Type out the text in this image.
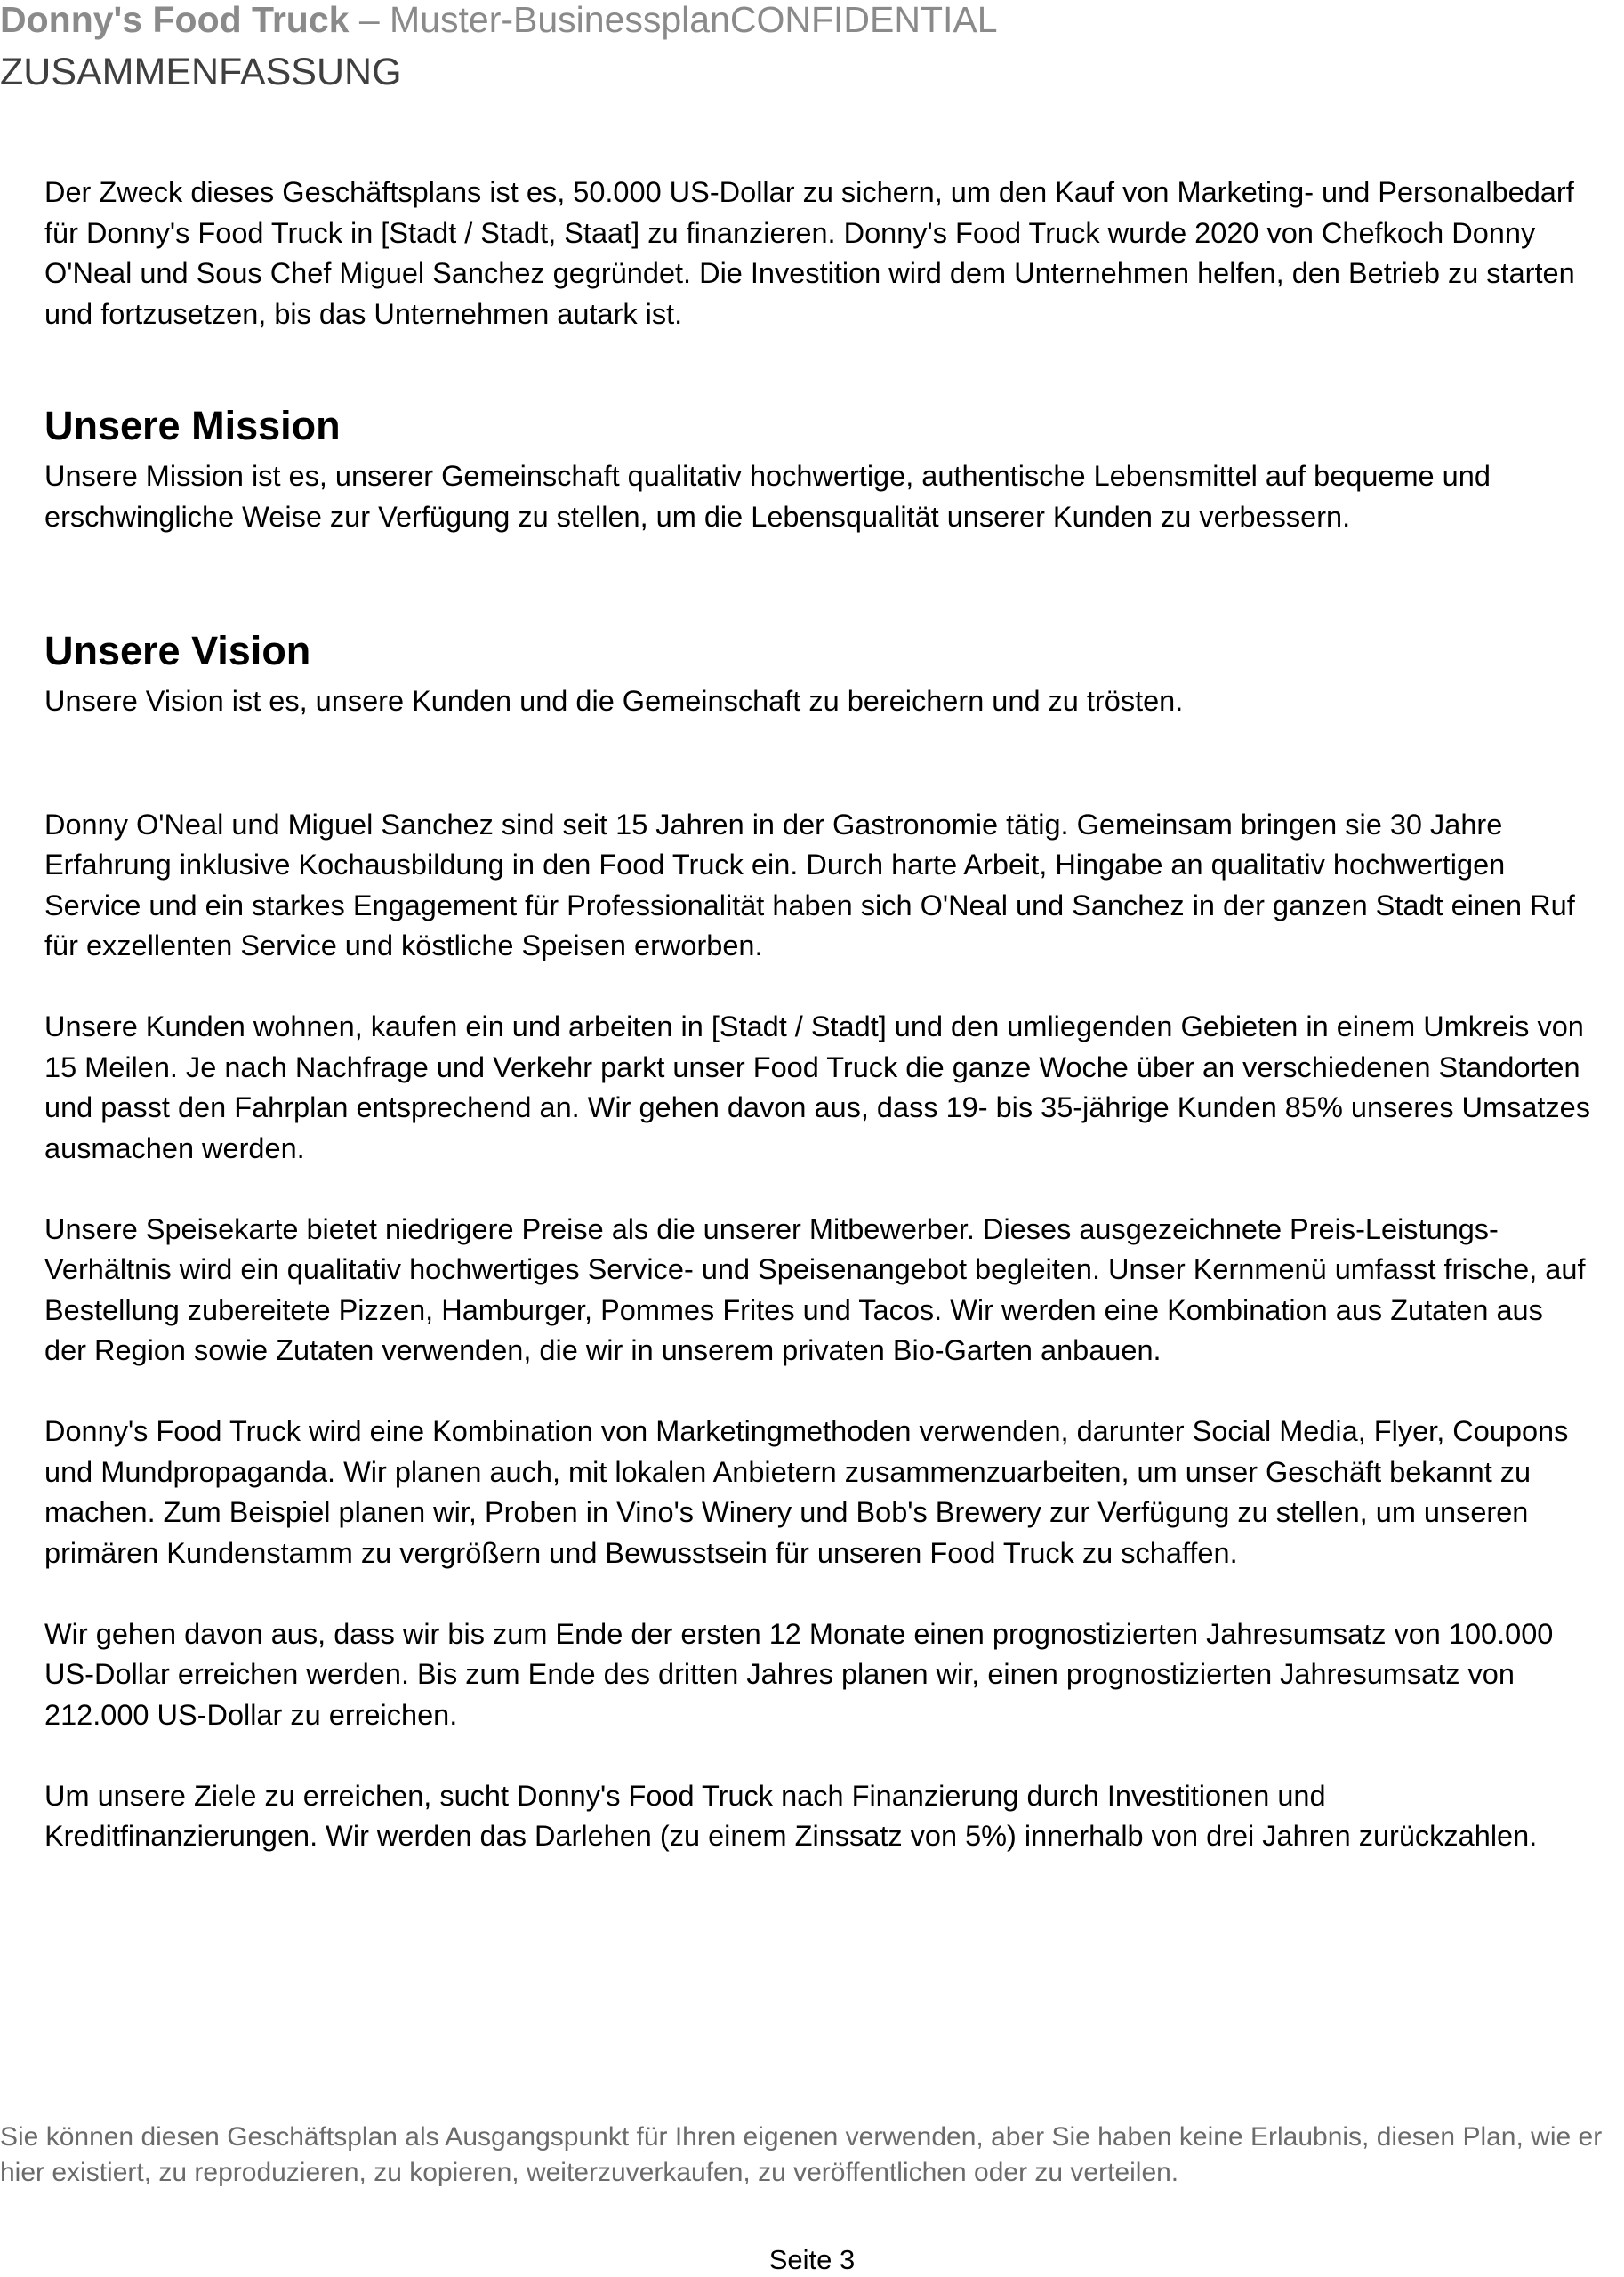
Donny's Food Truck – Muster-BusinessplanCONFIDENTIAL
ZUSAMMENFASSUNG

Der Zweck dieses Geschäftsplans ist es, 50.000 US-Dollar zu sichern, um den Kauf von Marketing- und Personalbedarf für Donny's Food Truck in [Stadt / Stadt, Staat] zu finanzieren. Donny's Food Truck wurde 2020 von Chefkoch Donny O'Neal und Sous Chef Miguel Sanchez gegründet. Die Investition wird dem Unternehmen helfen, den Betrieb zu starten und fortzusetzen, bis das Unternehmen autark ist.

Unsere Mission

Unsere Mission ist es, unserer Gemeinschaft qualitativ hochwertige, authentische Lebensmittel auf bequeme und erschwingliche Weise zur Verfügung zu stellen, um die Lebensqualität unserer Kunden zu verbessern.

Unsere Vision

Unsere Vision ist es, unsere Kunden und die Gemeinschaft zu bereichern und zu trösten.

Donny O'Neal und Miguel Sanchez sind seit 15 Jahren in der Gastronomie tätig. Gemeinsam bringen sie 30 Jahre Erfahrung inklusive Kochausbildung in den Food Truck ein. Durch harte Arbeit, Hingabe an qualitativ hochwertigen Service und ein starkes Engagement für Professionalität haben sich O'Neal und Sanchez in der ganzen Stadt einen Ruf für exzellenten Service und köstliche Speisen erworben.

Unsere Kunden wohnen, kaufen ein und arbeiten in [Stadt / Stadt] und den umliegenden Gebieten in einem Umkreis von 15 Meilen. Je nach Nachfrage und Verkehr parkt unser Food Truck die ganze Woche über an verschiedenen Standorten und passt den Fahrplan entsprechend an. Wir gehen davon aus, dass 19- bis 35-jährige Kunden 85% unseres Umsatzes ausmachen werden.

Unsere Speisekarte bietet niedrigere Preise als die unserer Mitbewerber. Dieses ausgezeichnete Preis-Leistungs-Verhältnis wird ein qualitativ hochwertiges Service- und Speisenangebot begleiten. Unser Kernmenü umfasst frische, auf Bestellung zubereitete Pizzen, Hamburger, Pommes Frites und Tacos. Wir werden eine Kombination aus Zutaten aus der Region sowie Zutaten verwenden, die wir in unserem privaten Bio-Garten anbauen.

Donny's Food Truck wird eine Kombination von Marketingmethoden verwenden, darunter Social Media, Flyer, Coupons und Mundpropaganda. Wir planen auch, mit lokalen Anbietern zusammenzuarbeiten, um unser Geschäft bekannt zu machen. Zum Beispiel planen wir, Proben in Vino's Winery und Bob's Brewery zur Verfügung zu stellen, um unseren primären Kundenstamm zu vergrößern und Bewusstsein für unseren Food Truck zu schaffen.

Wir gehen davon aus, dass wir bis zum Ende der ersten 12 Monate einen prognostizierten Jahresumsatz von 100.000 US-Dollar erreichen werden. Bis zum Ende des dritten Jahres planen wir, einen prognostizierten Jahresumsatz von 212.000 US-Dollar zu erreichen.

Um unsere Ziele zu erreichen, sucht Donny's Food Truck nach Finanzierung durch Investitionen und Kreditfinanzierungen. Wir werden das Darlehen (zu einem Zinssatz von 5%) innerhalb von drei Jahren zurückzahlen.

Sie können diesen Geschäftsplan als Ausgangspunkt für Ihren eigenen verwenden, aber Sie haben keine Erlaubnis, diesen Plan, wie er hier existiert, zu reproduzieren, zu kopieren, weiterzuverkaufen, zu veröffentlichen oder zu verteilen.
Seite 3
